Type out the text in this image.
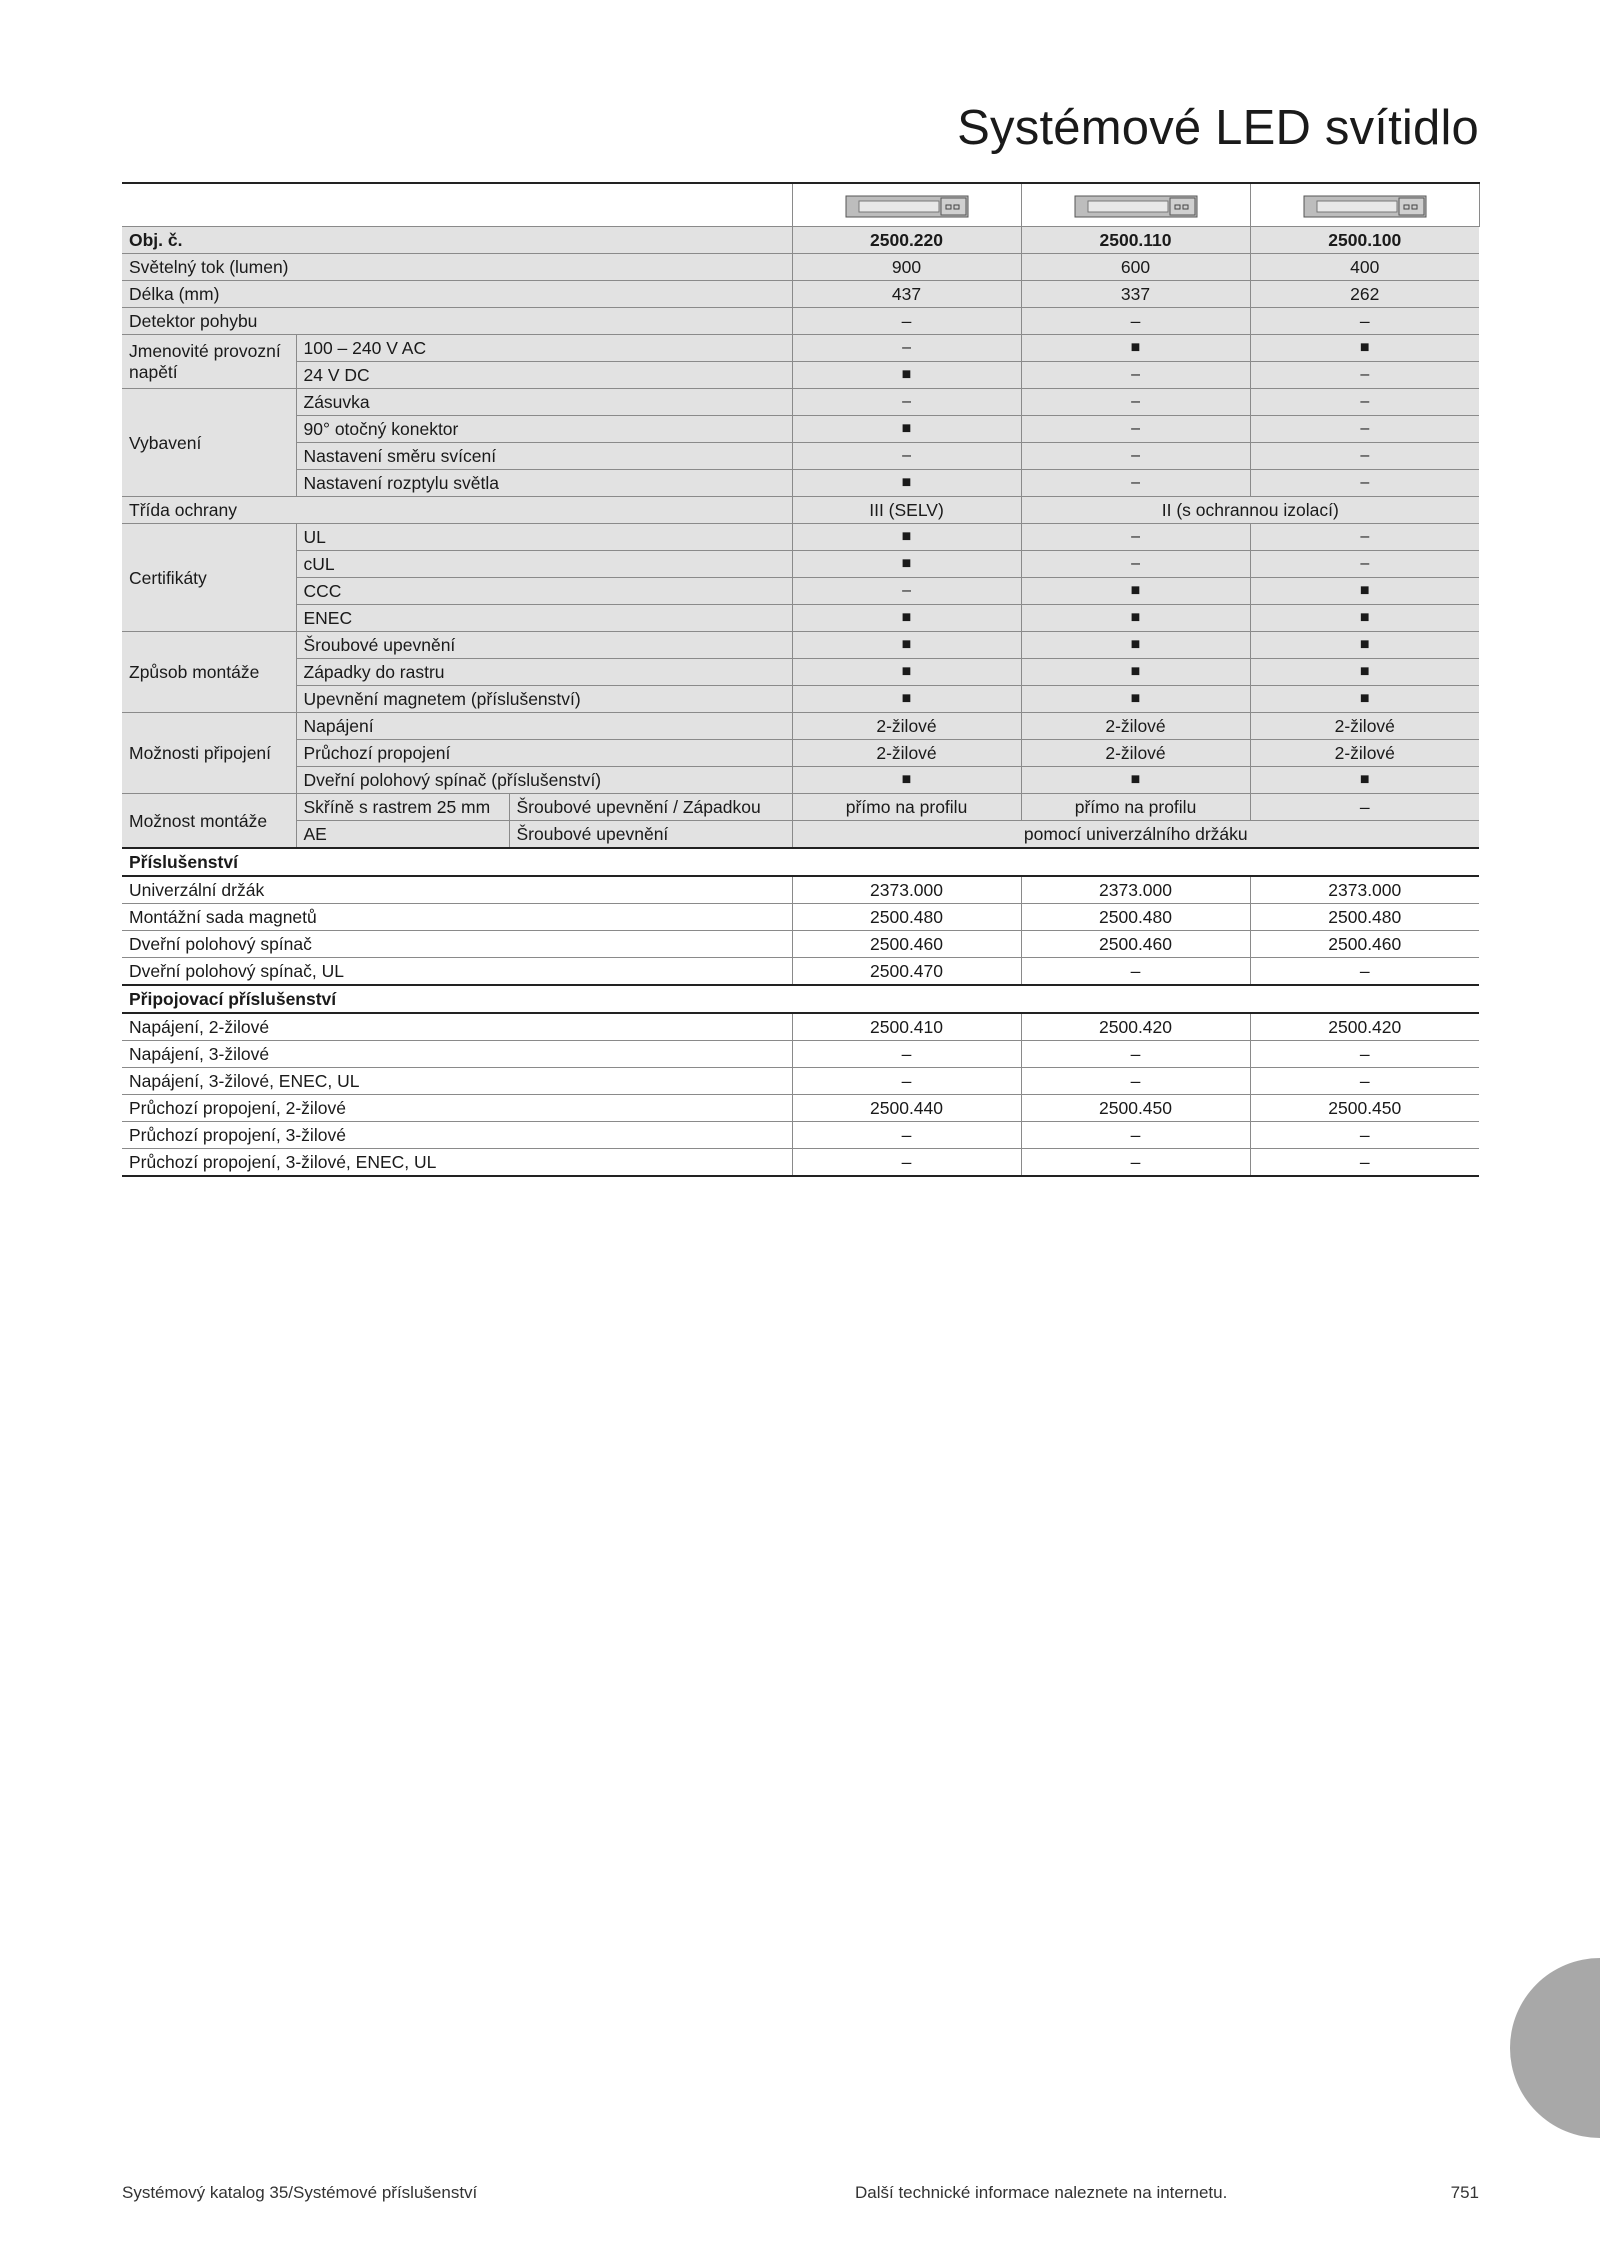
Systémové LED svítidlo

Obj. č.			2500.220	2500.110	2500.100
Světelný tok (lumen)			900	600	400
Délka (mm)			437	337	262
Detektor pohybu			–	–	–
Jmenovité provozní napětí	100 – 240 V AC		–	■	■
	24 V DC		■	–	–
Vybavení	Zásuvka		–	–	–
	90° otočný konektor		■	–	–
	Nastavení směru svícení		–	–	–
	Nastavení rozptylu světla		■	–	–
Třída ochrany			III (SELV)	II (s ochrannou izolací)	
Certifikáty	UL		■	–	–
	cUL		■	–	–
	CCC		–	■	■
	ENEC		■	■	■
Způsob montáže	Šroubové upevnění		■	■	■
	Západky do rastru		■	■	■
	Upevnění magnetem (příslušenství)		■	■	■
Možnosti připojení	Napájení		2-žilové	2-žilové	2-žilové
	Průchozí propojení		2-žilové	2-žilové	2-žilové
	Dveřní polohový spínač (příslušenství)		■	■	■
Možnost montáže	Skříně s rastrem 25 mm	Šroubové upevnění / Západkou	přímo na profilu	přímo na profilu	–
	AE	Šroubové upevnění	pomocí univerzálního držáku		
Příslušenství					
Univerzální držák			2373.000	2373.000	2373.000
Montážní sada magnetů			2500.480	2500.480	2500.480
Dveřní polohový spínač			2500.460	2500.460	2500.460
Dveřní polohový spínač, UL			2500.470	–	–
Připojovací příslušenství					
Napájení, 2-žilové			2500.410	2500.420	2500.420
Napájení, 3-žilové			–	–	–
Napájení, 3-žilové, ENEC, UL			–	–	–
Průchozí propojení, 2-žilové			2500.440	2500.450	2500.450
Průchozí propojení, 3-žilové			–	–	–
Průchozí propojení, 3-žilové, ENEC, UL			–	–	–
Systémový katalog 35/Systémové příslušenství	Další technické informace naleznete na internetu.	751
